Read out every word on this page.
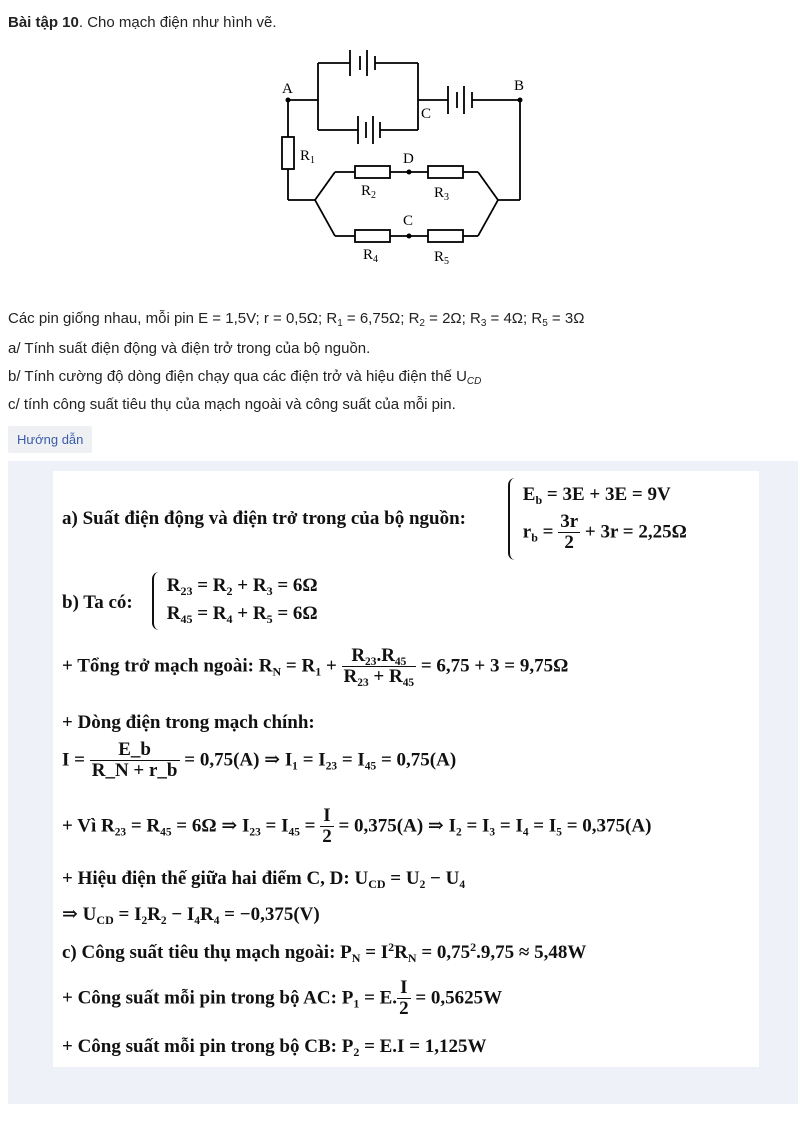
Bài tập 10. Cho mạch điện như hình vẽ.
A	B
C
D
C
$R_1$
$R_2$	$R_3$
$R_4$	$R_5$
Các pin giống nhau, mỗi pin E = 1,5V; r = 0,5Ω; $R_1 = 6,75\Omega$; $R_2 = 2\Omega$; $R_3 = 4\Omega$; $R_5 = 3\Omega$
a/ Tính suất điện động và điện trở trong của bộ nguồn.
b/ Tính cường độ dòng điện chạy qua các điện trở và hiệu điện thế $U_{CD}$
c/ tính công suất tiêu thụ của mạch ngoài và công suất của mỗi pin.
Hướng dẫn
a) Suất điện động và điện trở trong của bộ nguồn:

$E_b = 3E + 3E = 9V$
$r_b = \frac{3r}{2} + 3r = 2,25\Omega$
b) Ta có:

$R_{23} = R_2 + R_3 = 6\Omega$
$R_{45} = R_4 + R_5 = 6\Omega$
+ Tổng trở mạch ngoài: $R_N = R_1 + \frac{\text{R₂₃.R₄₅}}{\text{R₂₃ + R₄₅}} = 6,75 + 3 = 9,75\Omega$
+ Dòng điện trong mạch chính:
$I = \frac{E\_b}{R\_N + r\_b} = 0,75(A)$ ⇒ I₁ = I₂₃ = I₄₅ = 0,75(A)
+ Vì R₂₃ = R₄₅ = 6Ω ⇒ $I_{23} = I_{45} = \frac{I}{2} = 0,375(A)$ ⇒ I₂ = I₃ = I₄ = I₅ = 0,375(A)
+ Hiệu điện thế giữa hai điểm C, D: $U_{CD} = U_2 - U_4$
⇒ $U_{CD} = I_2R_2 - I_4R_4 = -0,375(V)$
c) Công suất tiêu thụ mạch ngoài: $P_N = I^2R_N = 0,75^2.9,75 \approx 5,48W$
+ Công suất mỗi pin trong bộ AC: $P_1 = E$. $\frac{I}{2} = 0,5625W$
+ Công suất mỗi pin trong bộ CB: $P_2 = E.I = 1,125W$
